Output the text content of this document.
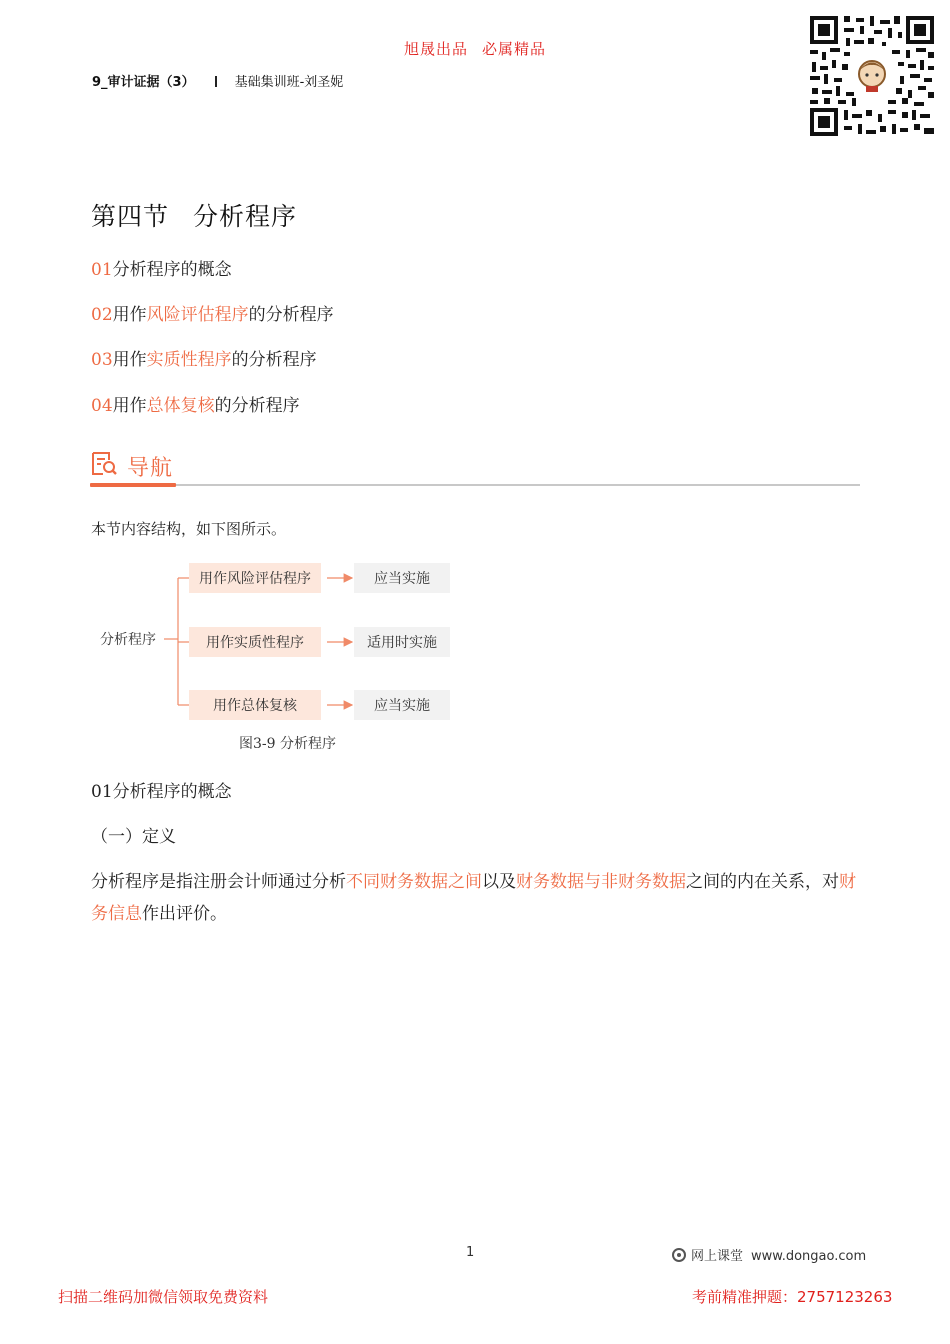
旭晟出品 必属精品
9_审计证据（3）	基础集训班-刘圣妮
第四节 分析程序
01分析程序的概念
02用作风险评估程序的分析程序
03用作实质性程序的分析程序
04用作总体复核的分析程序
导航
本节内容结构，如下图所示。
分析程序
用作风险评估程序	应当实施
用作实质性程序	适用时实施
用作总体复核	应当实施
图3-9 分析程序
01分析程序的概念
（一）定义
分析程序是指注册会计师通过分析不同财务数据之间以及财务数据与非财务数据之间的内在关系，对财务信息作出评价。
1	网上课堂 www.dongao.com
扫描二维码加微信领取免费资料	考前精准押题：2757123263
